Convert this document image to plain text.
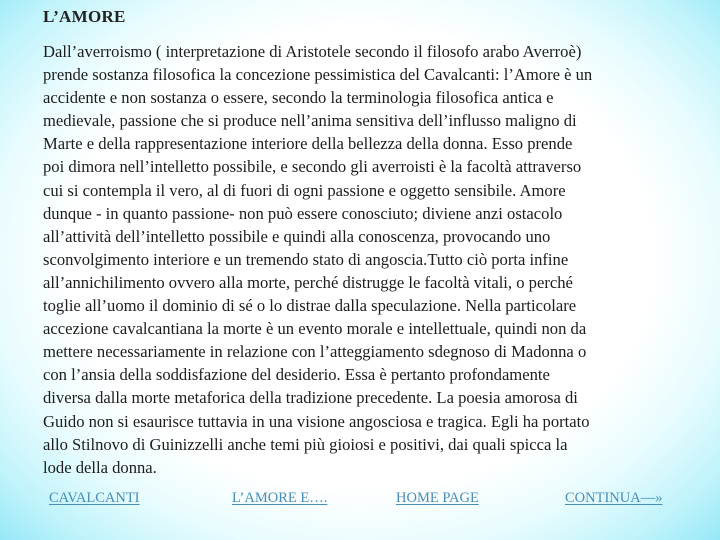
L’AMORE
Dall’averroismo ( interpretazione di Aristotele secondo il filosofo arabo Averroè)
prende sostanza filosofica la concezione pessimistica del Cavalcanti: l’Amore è un
accidente e non sostanza o essere, secondo la terminologia filosofica antica e
medievale, passione che si produce nell’anima sensitiva dell’influsso maligno di
Marte e della rappresentazione interiore della bellezza della donna. Esso prende
poi dimora nell’intelletto possibile, e secondo gli averroisti è la facoltà attraverso
cui si contempla il vero, al di fuori di ogni passione e oggetto sensibile. Amore
dunque - in quanto passione- non può essere conosciuto; diviene anzi ostacolo
all’attività dell’intelletto possibile e quindi alla conoscenza, provocando uno
sconvolgimento interiore e un tremendo stato di angoscia.Tutto ciò porta infine
all’annichilimento ovvero alla morte, perché distrugge le facoltà vitali, o perché
toglie all’uomo il dominio di sé o lo distrae dalla speculazione. Nella particolare
accezione cavalcantiana la morte è un evento morale e intellettuale, quindi non da
mettere necessariamente in relazione con l’atteggiamento sdegnoso di Madonna o
con l’ansia della soddisfazione del desiderio. Essa è pertanto profondamente
diversa dalla morte metaforica della tradizione precedente. La poesia amorosa di
Guido non si esaurisce tuttavia in una visione angosciosa e tragica. Egli ha portato
allo Stilnovo di Guinizzelli anche temi più gioiosi e positivi, dai quali spicca la
lode della donna.
CAVALCANTI	L’AMORE E….	HOME PAGE	CONTINUA—»
